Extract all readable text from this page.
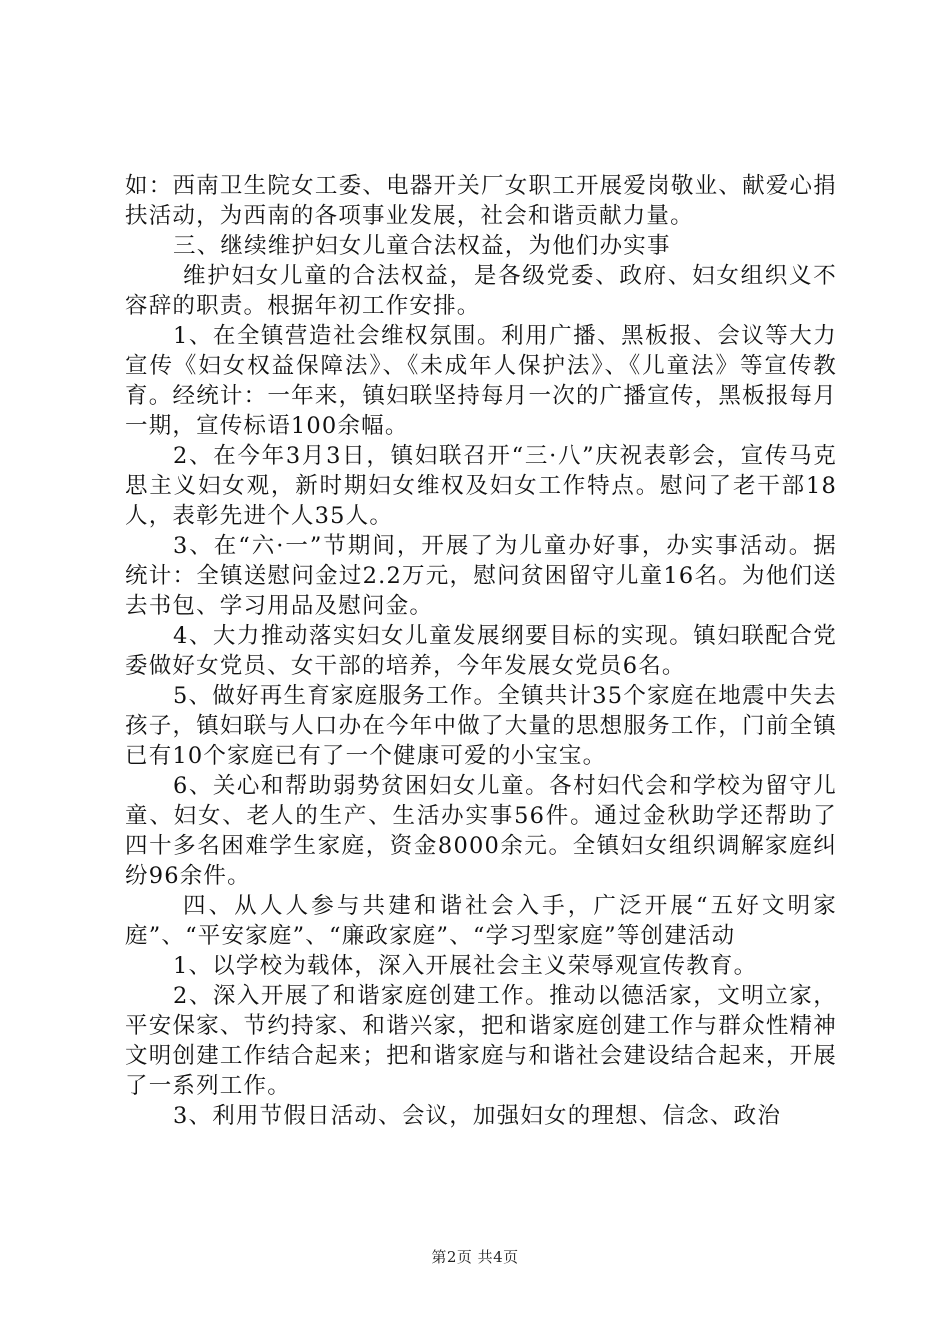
如：西南卫生院女工委、电器开关厂女职工开展爱岗敬业、献爱心捐扶活动，为西南的各项事业发展，社会和谐贡献力量。

三、继续维护妇女儿童合法权益，为他们办实事

维护妇女儿童的合法权益，是各级党委、政府、妇女组织义不容辞的职责。根据年初工作安排。

1、在全镇营造社会维权氛围。利用广播、黑板报、会议等大力宣传《妇女权益保障法》、《未成年人保护法》、《儿童法》等宣传教育。经统计：一年来，镇妇联坚持每月一次的广播宣传，黑板报每月一期，宣传标语100余幅。

2、在今年3月3日，镇妇联召开“三·八”庆祝表彰会，宣传马克思主义妇女观，新时期妇女维权及妇女工作特点。慰问了老干部18人，表彰先进个人35人。

3、在“六·一”节期间，开展了为儿童办好事，办实事活动。据统计：全镇送慰问金过2.2万元，慰问贫困留守儿童16名。为他们送去书包、学习用品及慰问金。

4、大力推动落实妇女儿童发展纲要目标的实现。镇妇联配合党委做好女党员、女干部的培养，今年发展女党员6名。

5、做好再生育家庭服务工作。全镇共计35个家庭在地震中失去孩子，镇妇联与人口办在今年中做了大量的思想服务工作，门前全镇已有10个家庭已有了一个健康可爱的小宝宝。

6、关心和帮助弱势贫困妇女儿童。各村妇代会和学校为留守儿童、妇女、老人的生产、生活办实事56件。通过金秋助学还帮助了四十多名困难学生家庭，资金8000余元。全镇妇女组织调解家庭纠纷96余件。

四、从人人参与共建和谐社会入手，广泛开展“五好文明家庭”、“平安家庭”、“廉政家庭”、“学习型家庭”等创建活动

1、以学校为载体，深入开展社会主义荣辱观宣传教育。

2、深入开展了和谐家庭创建工作。推动以德活家，文明立家，平安保家、节约持家、和谐兴家，把和谐家庭创建工作与群众性精神文明创建工作结合起来；把和谐家庭与和谐社会建设结合起来，开展了一系列工作。

3、利用节假日活动、会议，加强妇女的理想、信念、政治

第2页 共4页
